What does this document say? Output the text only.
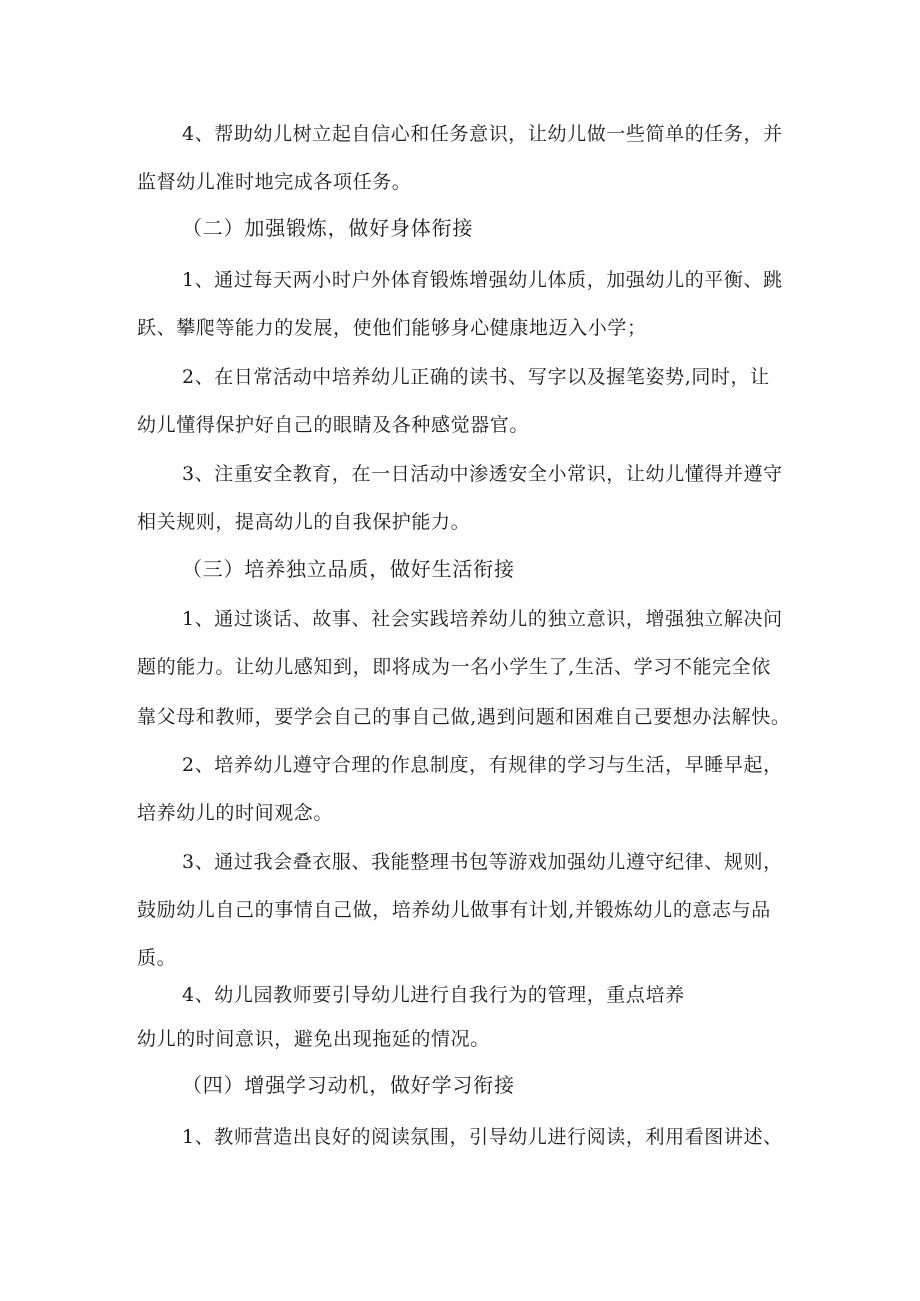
4、帮助幼儿树立起自信心和任务意识，让幼儿做一些简单的任务，并
监督幼儿准时地完成各项任务。
（二）加强锻炼，做好身体衔接
1、通过每天两小时户外体育锻炼增强幼儿体质，加强幼儿的平衡、跳
跃、攀爬等能力的发展，使他们能够身心健康地迈入小学；
2、在日常活动中培养幼儿正确的读书、写字以及握笔姿势,同时，让
幼儿懂得保护好自己的眼睛及各种感觉器官。
3、注重安全教育，在一日活动中渗透安全小常识，让幼儿懂得并遵守
相关规则，提高幼儿的自我保护能力。
（三）培养独立品质，做好生活衔接
1、通过谈话、故事、社会实践培养幼儿的独立意识，增强独立解决问
题的能力。让幼儿感知到，即将成为一名小学生了,生活、学习不能完全依
靠父母和教师，要学会自己的事自己做,遇到问题和困难自己要想办法解快。
2、培养幼儿遵守合理的作息制度，有规律的学习与生活，早睡早起，
培养幼儿的时间观念。
3、通过我会叠衣服、我能整理书包等游戏加强幼儿遵守纪律、规则，
鼓励幼儿自己的事情自己做，培养幼儿做事有计划,并锻炼幼儿的意志与品
质。
4、幼儿园教师要引导幼儿进行自我行为的管理，重点培养
幼儿的时间意识，避免出现拖延的情况。
（四）增强学习动机，做好学习衔接
1、教师营造出良好的阅读氛围，引导幼儿进行阅读，利用看图讲述、
